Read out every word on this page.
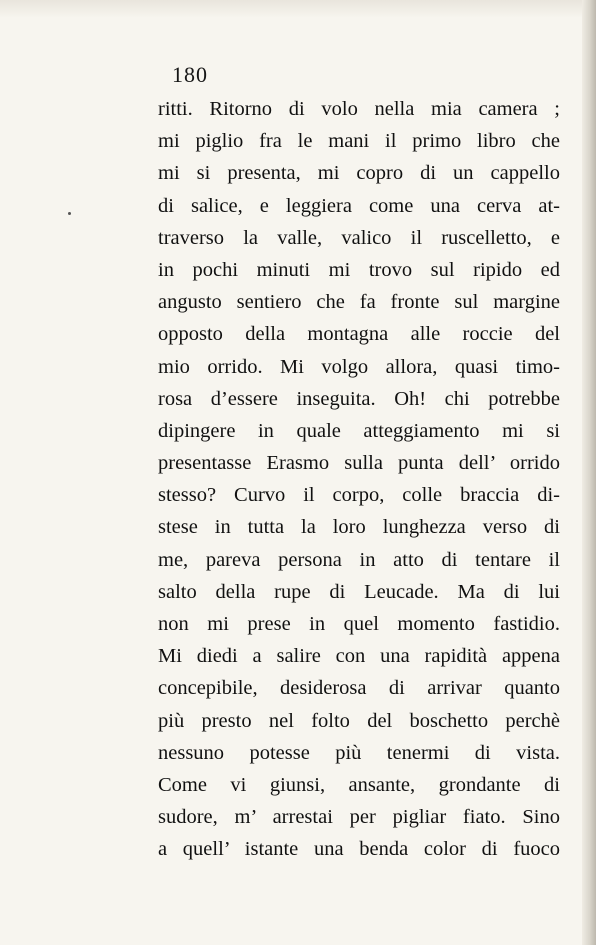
180
ritti. Ritorno di volo nella mia camera ;
mi piglio fra le mani il primo libro che
mi si presenta, mi copro di un cappello
di salice, e leggiera come una cerva at-
traverso la valle, valico il ruscelletto, e
in pochi minuti mi trovo sul ripido ed
angusto sentiero che fa fronte sul margine
opposto della montagna alle roccie del
mio orrido. Mi volgo allora, quasi timo-
rosa d’essere inseguita. Oh! chi potrebbe
dipingere in quale atteggiamento mi si
presentasse Erasmo sulla punta dell’ orrido
stesso? Curvo il corpo, colle braccia di-
stese in tutta la loro lunghezza verso di
me, pareva persona in atto di tentare il
salto della rupe di Leucade. Ma di lui
non mi prese in quel momento fastidio.
Mi diedi a salire con una rapidità appena
concepibile, desiderosa di arrivar quanto
più presto nel folto del boschetto perchè
nessuno potesse più tenermi di vista.
Come vi giunsi, ansante, grondante di
sudore, m’ arrestai per pigliar fiato. Sino
a quell’ istante una benda color di fuoco
